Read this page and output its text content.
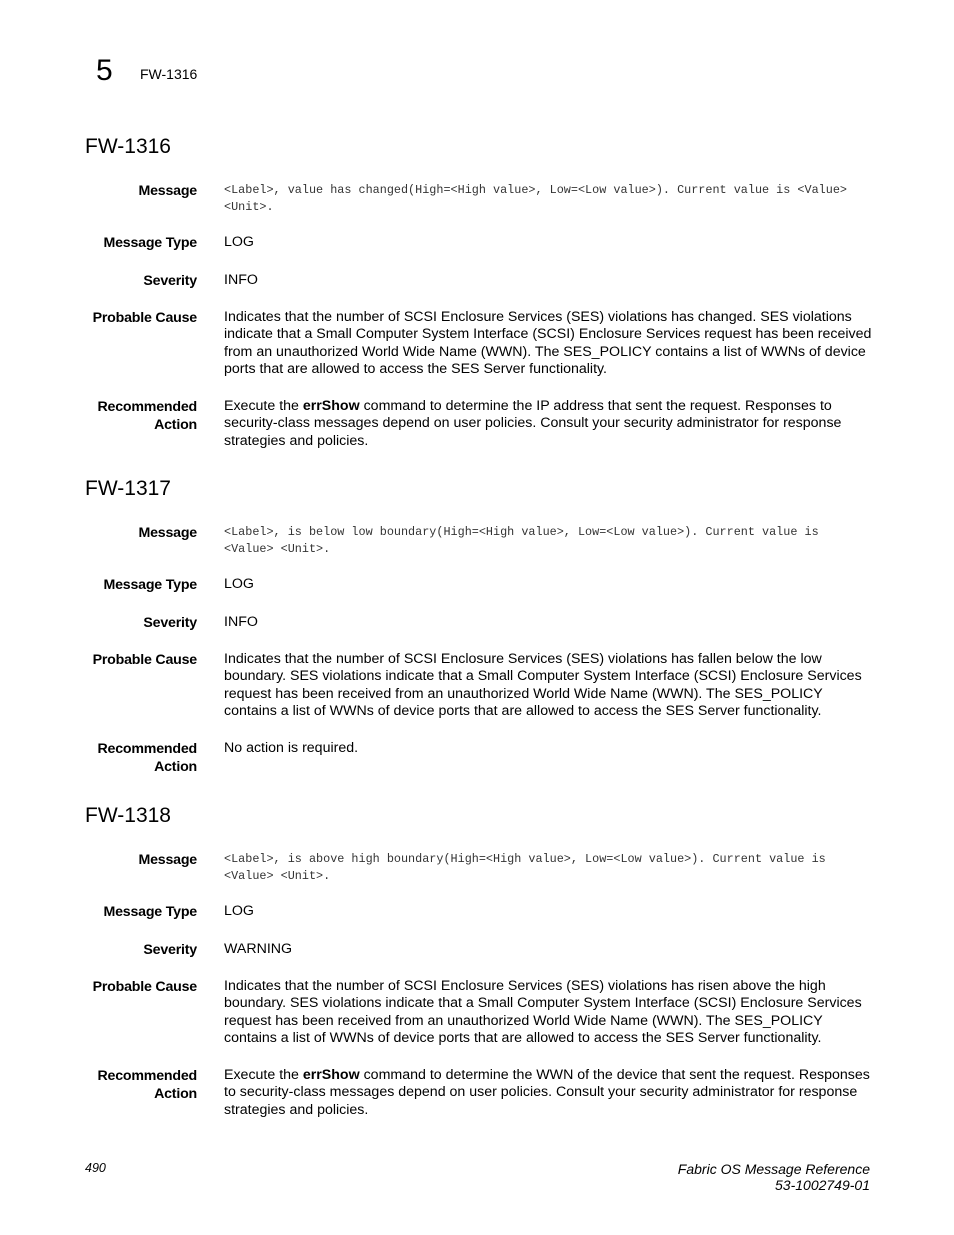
5 FW-1316
FW-1316
Message <Label>, value has changed(High=<High value>, Low=<Low value>). Current value is <Value> <Unit>.
Message Type LOG
Severity INFO
Probable Cause Indicates that the number of SCSI Enclosure Services (SES) violations has changed. SES violations indicate that a Small Computer System Interface (SCSI) Enclosure Services request has been received from an unauthorized World Wide Name (WWN). The SES_POLICY contains a list of WWNs of device ports that are allowed to access the SES Server functionality.
Recommended
Action
Execute the errShow command to determine the IP address that sent the request. Responses to security-class messages depend on user policies. Consult your security administrator for response strategies and policies.
FW-1317
Message <Label>, is below low boundary(High=<High value>, Low=<Low value>). Current value is <Value> <Unit>.
Message Type LOG
Severity INFO
Probable Cause Indicates that the number of SCSI Enclosure Services (SES) violations has fallen below the low boundary. SES violations indicate that a Small Computer System Interface (SCSI) Enclosure Services request has been received from an unauthorized World Wide Name (WWN). The SES_POLICY contains a list of WWNs of device ports that are allowed to access the SES Server functionality.
Recommended
Action
No action is required.
FW-1318
Message <Label>, is above high boundary(High=<High value>, Low=<Low value>). Current value is <Value> <Unit>.
Message Type LOG
Severity WARNING
Probable Cause Indicates that the number of SCSI Enclosure Services (SES) violations has risen above the high boundary. SES violations indicate that a Small Computer System Interface (SCSI) Enclosure Services request has been received from an unauthorized World Wide Name (WWN). The SES_POLICY contains a list of WWNs of device ports that are allowed to access the SES Server functionality.
Recommended
Action
Execute the errShow command to determine the WWN of the device that sent the request. Responses to security-class messages depend on user policies. Consult your security administrator for response strategies and policies.
490	Fabric OS Message Reference
53-1002749-01
